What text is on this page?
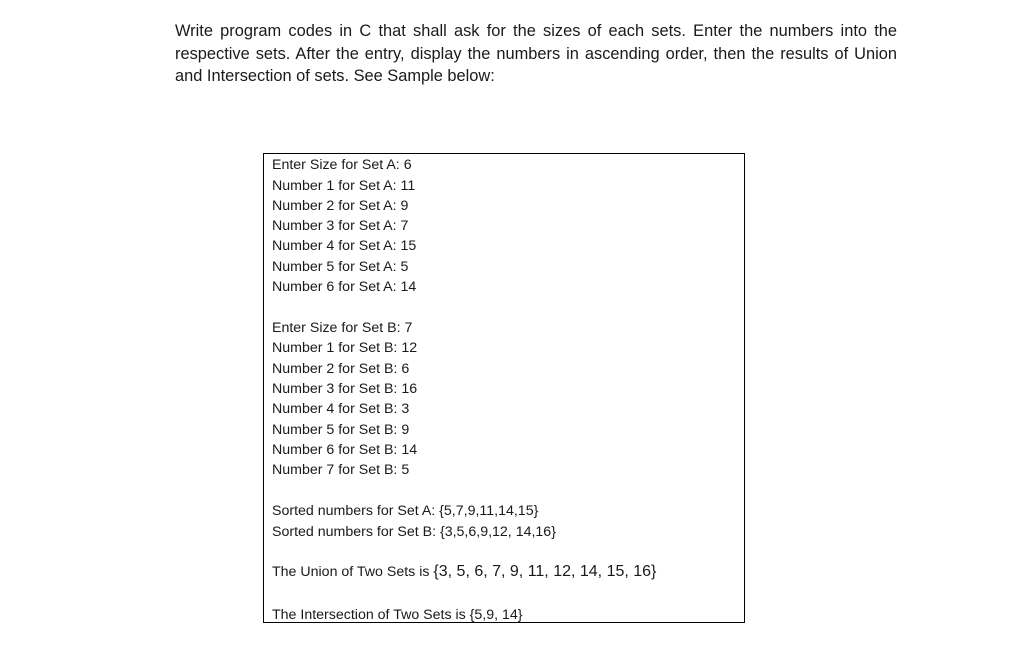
Write program codes in C that shall ask for the sizes of each sets. Enter the numbers into the
respective sets. After the entry, display the numbers in ascending order, then the results of Union
and Intersection of sets. See Sample below:
Enter Size for Set A: 6
Number 1 for Set A: 11
Number 2 for Set A: 9
Number 3 for Set A: 7
Number 4 for Set A: 15
Number 5 for Set A: 5
Number 6 for Set A: 14
Enter Size for Set B: 7
Number 1 for Set B: 12
Number 2 for Set B: 6
Number 3 for Set B: 16
Number 4 for Set B: 3
Number 5 for Set B: 9
Number 6 for Set B: 14
Number 7 for Set B: 5
Sorted numbers for Set A: {5,7,9,11,14,15}
Sorted numbers for Set B: {3,5,6,9,12, 14,16}
The Union of Two Sets is {3, 5, 6, 7, 9, 11, 12, 14, 15, 16}
The Intersection of Two Sets is {5,9, 14}
